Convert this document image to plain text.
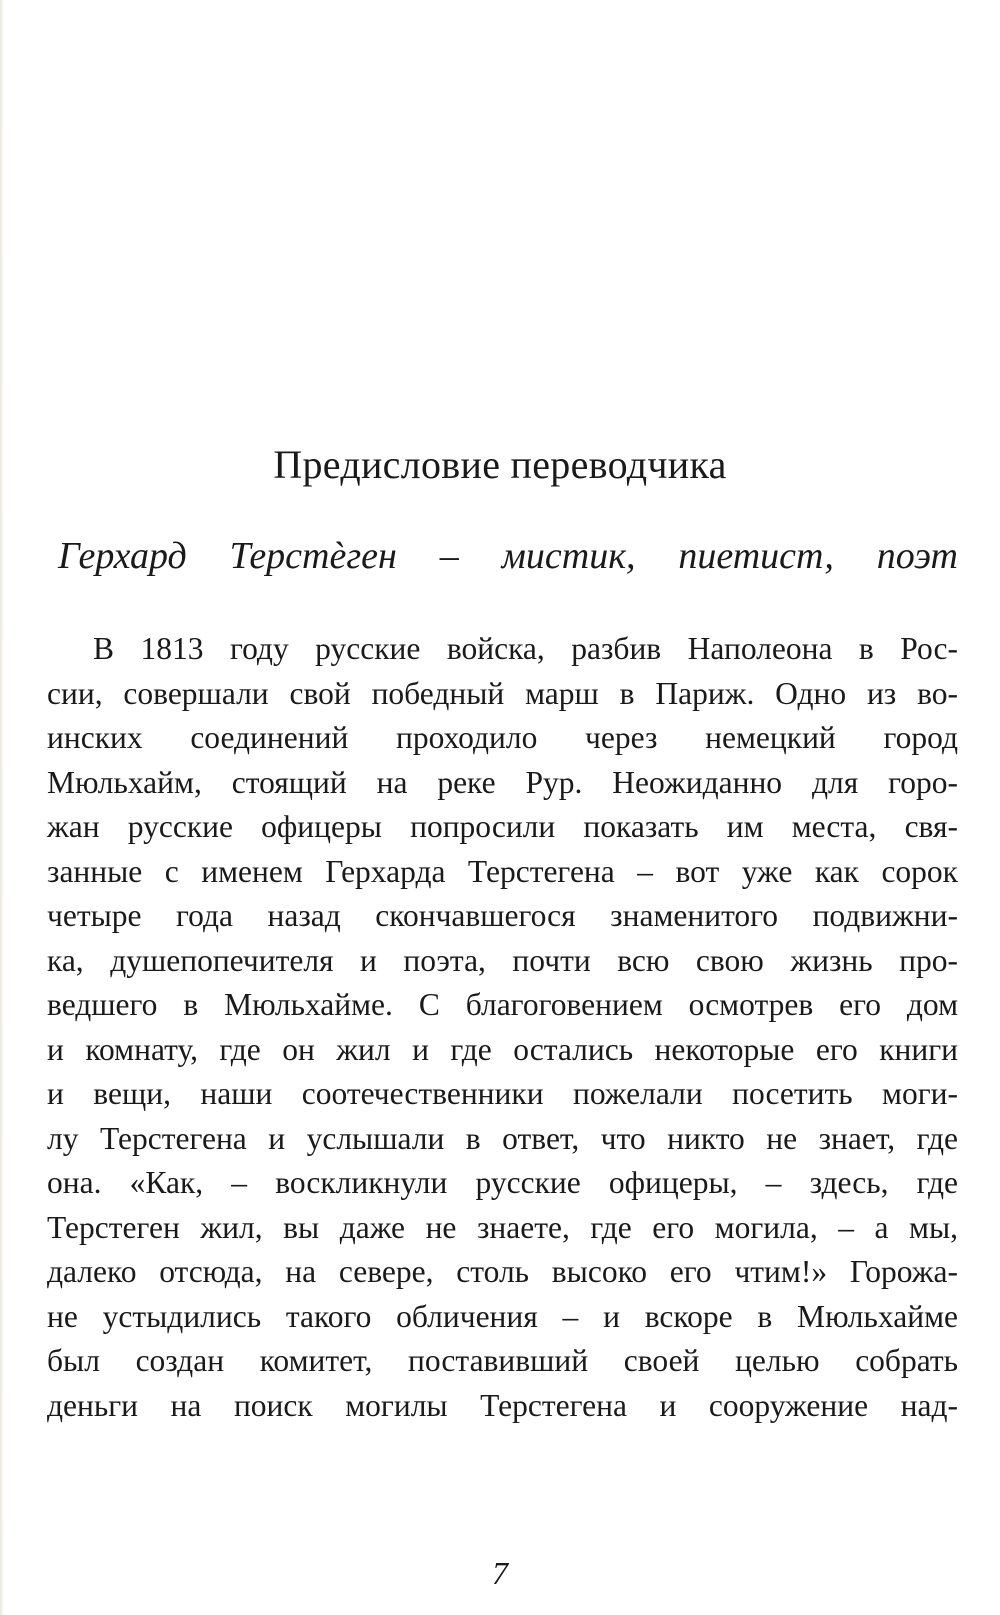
Предисловие переводчика
Герхард Терстѐген – мистик, пиетист, поэт
В 1813 году русские войска, разбив Наполеона в Рос-
сии, совершали свой победный марш в Париж. Одно из во-
инских соединений проходило через немецкий город
Мюльхайм, стоящий на реке Рур. Неожиданно для горо-
жан русские офицеры попросили показать им места, свя-
занные с именем Герхарда Терстегена – вот уже как сорок
четыре года назад скончавшегося знаменитого подвижни-
ка, душепопечителя и поэта, почти всю свою жизнь про-
ведшего в Мюльхайме. С благоговением осмотрев его дом
и комнату, где он жил и где остались некоторые его книги
и вещи, наши соотечественники пожелали посетить моги-
лу Терстегена и услышали в ответ, что никто не знает, где
она. «Как, – воскликнули русские офицеры, – здесь, где
Терстеген жил, вы даже не знаете, где его могила, – а мы,
далеко отсюда, на севере, столь высоко его чтим!» Горожа-
не устыдились такого обличения – и вскоре в Мюльхайме
был создан комитет, поставивший своей целью собрать
деньги на поиск могилы Терстегена и сооружение над-
7
